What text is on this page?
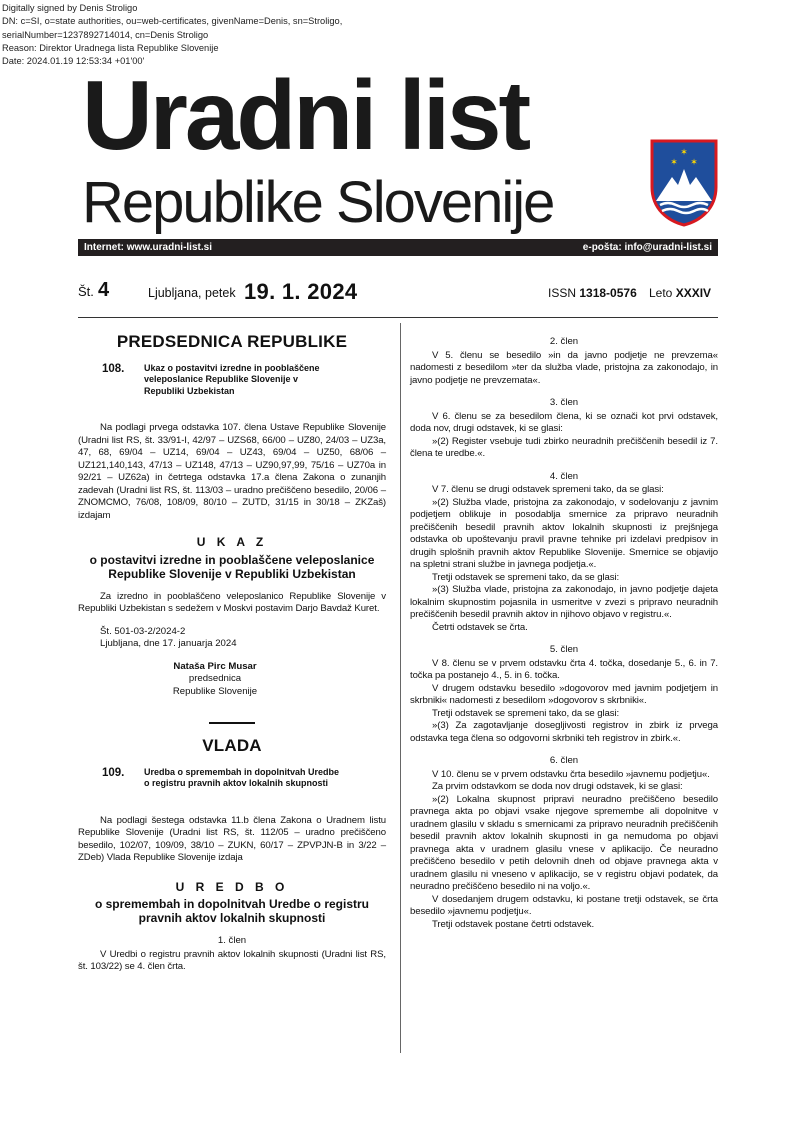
Digitally signed by Denis Stroligo
DN: c=SI, o=state authorities, ou=web-certificates, givenName=Denis, sn=Stroligo,
serialNumber=1237892714014, cn=Denis Stroligo
Reason: Direktor Uradnega lista Republike Slovenije
Date: 2024.01.19 12:53:34 +01'00'
Uradni list
Republike Slovenije
✶
✶ ✶
Internet: www.uradni-list.si	e-pošta: info@uradni-list.si
Št. 4	Ljubljana, petek 19. 1. 2024	ISSN 1318-0576 Leto XXXIV
PREDSEDNICA REPUBLIKE
108.	Ukaz o postavitvi izredne in pooblaščene veleposlanice Republike Slovenije v Republiki Uzbekistan

Na podlagi prvega odstavka 107. člena Ustave Republike Slovenije (Uradni list RS, št. 33/91-I, 42/97 – UZS68, 66/00 – UZ80, 24/03 – UZ3a, 47, 68, 69/04 – UZ14, 69/04 – UZ43, 69/04 – UZ50, 68/06 – UZ121,140,143, 47/13 – UZ148, 47/13 – UZ90,97,99, 75/16 – UZ70a in 92/21 – UZ62a) in četrtega odstavka 17.a člena Zakona o zunanjih zadevah (Uradni list RS, št. 113/03 – uradno prečiščeno besedilo, 20/06 – ZNOMCMO, 76/08, 108/09, 80/10 – ZUTD, 31/15 in 30/18 – ZKZaš) izdajam

U K A Z
o postavitvi izredne in pooblaščene veleposlanice Republike Slovenije v Republiki Uzbekistan

Za izredno in pooblaščeno veleposlanico Republike Slovenije v Republiki Uzbekistan s sedežem v Moskvi postavim Darjo Bavdaž Kuret.

Št. 501-03-2/2024-2
Ljubljana, dne 17. januarja 2024
Nataša Pirc Musar
predsednica
Republike Slovenije
VLADA
109.	Uredba o spremembah in dopolnitvah Uredbe o registru pravnih aktov lokalnih skupnosti

Na podlagi šestega odstavka 11.b člena Zakona o Uradnem listu Republike Slovenije (Uradni list RS, št. 112/05 – uradno prečiščeno besedilo, 102/07, 109/09, 38/10 – ZUKN, 60/17 – ZPVPJN-B in 3/22 – ZDeb) Vlada Republike Slovenije izdaja

U R E D B O
o spremembah in dopolnitvah Uredbe o registru pravnih aktov lokalnih skupnosti
1. člen

V Uredbi o registru pravnih aktov lokalnih skupnosti (Uradni list RS, št. 103/22) se 4. člen črta.

2. člen

V 5. členu se besedilo »in da javno podjetje ne prevzema« nadomesti z besedilom »ter da služba vlade, pristojna za zakonodajo, in javno podjetje ne prevzemata«.

3. člen

V 6. členu se za besedilom člena, ki se označi kot prvi odstavek, doda nov, drugi odstavek, ki se glasi:

»(2) Register vsebuje tudi zbirko neuradnih prečiščenih besedil iz 7. člena te uredbe.«.

4. člen

V 7. členu se drugi odstavek spremeni tako, da se glasi:

»(2) Služba vlade, pristojna za zakonodajo, v sodelovanju z javnim podjetjem oblikuje in posodablja smernice za pripravo neuradnih prečiščenih besedil pravnih aktov lokalnih skupnosti iz prejšnjega odstavka ob upoštevanju pravil pravne tehnike pri izdelavi predpisov in drugih splošnih pravnih aktov Republike Slovenije. Smernice se objavijo na spletni strani službe in javnega podjetja.«.

Tretji odstavek se spremeni tako, da se glasi:

»(3) Služba vlade, pristojna za zakonodajo, in javno podjetje dajeta lokalnim skupnostim pojasnila in usmeritve v zvezi s pripravo neuradnih prečiščenih besedil pravnih aktov in njihovo objavo v registru.«.

Četrti odstavek se črta.

5. člen

V 8. členu se v prvem odstavku črta 4. točka, dosedanje 5., 6. in 7. točka pa postanejo 4., 5. in 6. točka.

V drugem odstavku besedilo »dogovorov med javnim podjetjem in skrbniki« nadomesti z besedilom »dogovorov s skrbniki«.

Tretji odstavek se spremeni tako, da se glasi:

»(3) Za zagotavljanje dosegljivosti registrov in zbirk iz prvega odstavka tega člena so odgovorni skrbniki teh registrov in zbirk.«.

6. člen

V 10. členu se v prvem odstavku črta besedilo »javnemu podjetju«.

Za prvim odstavkom se doda nov drugi odstavek, ki se glasi:

»(2) Lokalna skupnost pripravi neuradno prečiščeno besedilo pravnega akta po objavi vsake njegove spremembe ali dopolnitve v uradnem glasilu v skladu s smernicami za pripravo neuradnih prečiščenih besedil pravnih aktov lokalnih skupnosti in ga nemudoma po objavi pravnega akta v uradnem glasilu vnese v aplikacijo. Če neuradno prečiščeno besedilo v petih delovnih dneh od objave pravnega akta v uradnem glasilu ni vneseno v aplikacijo, se v registru objavi podatek, da neuradno prečiščeno besedilo ni na voljo.«.

V dosedanjem drugem odstavku, ki postane tretji odstavek, se črta besedilo »javnemu podjetju«.

Tretji odstavek postane četrti odstavek.
